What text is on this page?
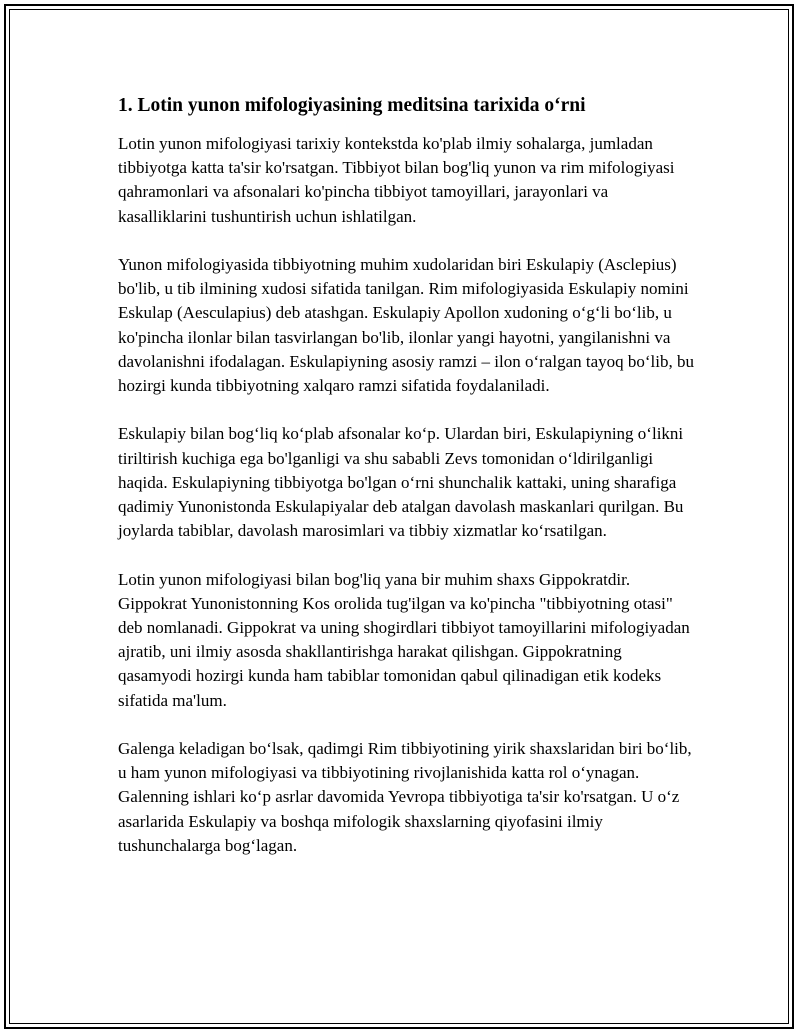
1. Lotin yunon mifologiyasining meditsina tarixida o‘rni

Lotin yunon mifologiyasi tarixiy kontekstda ko'plab ilmiy sohalarga, jumladan tibbiyotga katta ta'sir ko'rsatgan. Tibbiyot bilan bog'liq yunon va rim mifologiyasi qahramonlari va afsonalari ko'pincha tibbiyot tamoyillari, jarayonlari va kasalliklarini tushuntirish uchun ishlatilgan.

Yunon mifologiyasida tibbiyotning muhim xudolaridan biri Eskulapiy (Asclepius) bo'lib, u tib ilmining xudosi sifatida tanilgan. Rim mifologiyasida Eskulapiy nomini Eskulap (Aesculapius) deb atashgan. Eskulapiy Apollon xudoning o‘g‘li bo‘lib, u ko'pincha ilonlar bilan tasvirlangan bo'lib, ilonlar yangi hayotni, yangilanishni va davolanishni ifodalagan. Eskulapiyning asosiy ramzi – ilon o‘ralgan tayoq bo‘lib, bu hozirgi kunda tibbiyotning xalqaro ramzi sifatida foydalaniladi.

Eskulapiy bilan bog‘liq ko‘plab afsonalar ko‘p. Ulardan biri, Eskulapiyning o‘likni tiriltirish kuchiga ega bo'lganligi va shu sababli Zevs tomonidan o‘ldirilganligi haqida. Eskulapiyning tibbiyotga bo'lgan o‘rni shunchalik kattaki, uning sharafiga qadimiy Yunonistonda Eskulapiyalar deb atalgan davolash maskanlari qurilgan. Bu joylarda tabiblar, davolash marosimlari va tibbiy xizmatlar ko‘rsatilgan.

Lotin yunon mifologiyasi bilan bog'liq yana bir muhim shaxs Gippokratdir. Gippokrat Yunonistonning Kos orolida tug'ilgan va ko'pincha "tibbiyotning otasi" deb nomlanadi. Gippokrat va uning shogirdlari tibbiyot tamoyillarini mifologiyadan ajratib, uni ilmiy asosda shakllantirishga harakat qilishgan. Gippokratning qasamyodi hozirgi kunda ham tabiblar tomonidan qabul qilinadigan etik kodeks sifatida ma'lum.

Galenga keladigan bo‘lsak, qadimgi Rim tibbiyotining yirik shaxslaridan biri bo‘lib, u ham yunon mifologiyasi va tibbiyotining rivojlanishida katta rol o‘ynagan. Galenning ishlari ko‘p asrlar davomida Yevropa tibbiyotiga ta'sir ko'rsatgan. U o‘z asarlarida Eskulapiy va boshqa mifologik shaxslarning qiyofasini ilmiy tushunchalarga bog‘lagan.
